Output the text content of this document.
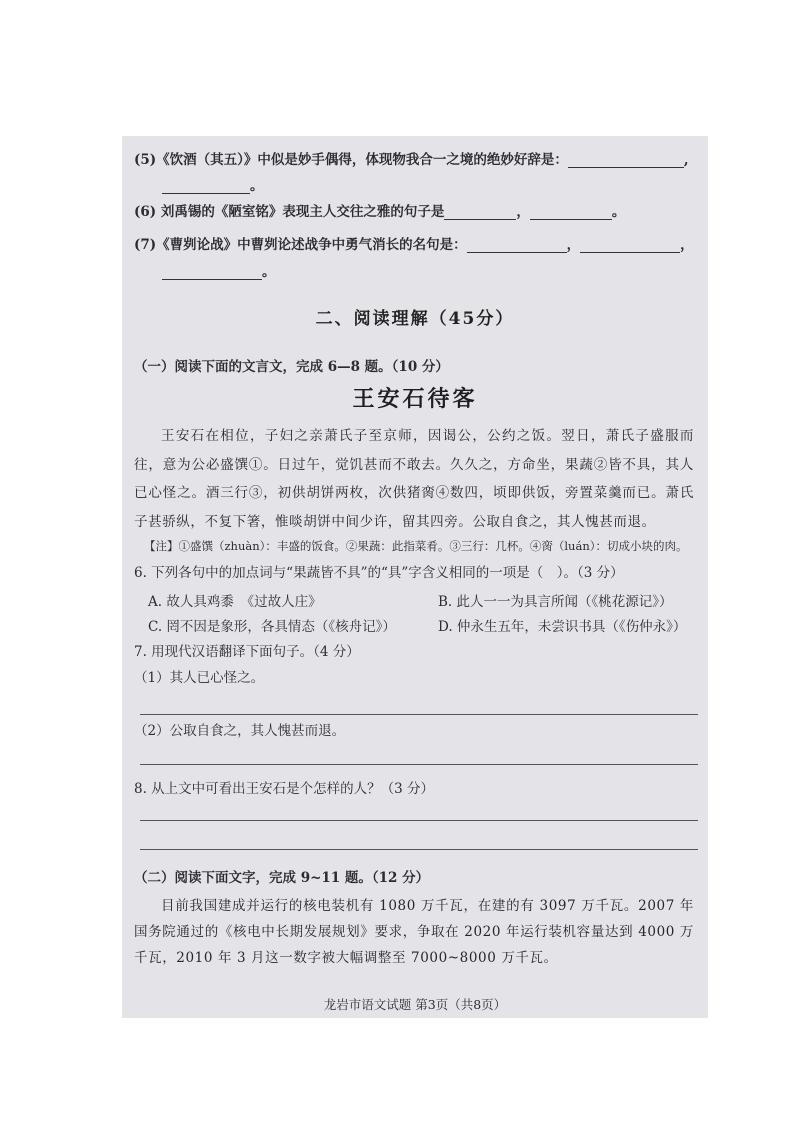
(5)《饮酒（其五）》中似是妙手偶得，体现物我合一之境的绝妙好辞是：	,
。
(6) 刘禹锡的《陋室铭》表现主人交往之雅的句子是	，	。
(7)《曹刿论战》中曹刿论述战争中勇气消长的名句是：	，	，
。
二、阅读理解（45分）
（一）阅读下面的文言文，完成 6—8 题。（10 分）
王安石待客
王安石在相位，子妇之亲萧氏子至京师，因谒公，公约之饭。翌日，萧氏子盛服而往，意为公必盛馔①。日过午，觉饥甚而不敢去。久久之，方命坐，果蔬②皆不具，其人已心怪之。酒三行③，初供胡饼两枚，次供猪脔④数四，顷即供饭，旁置菜羹而已。萧氏子甚骄纵，不复下箸，惟啖胡饼中间少许，留其四旁。公取自食之，其人愧甚而退。
【注】①盛馔（zhuàn）：丰盛的饭食。②果蔬：此指菜肴。③三行：几杯。④脔（luán）：切成小块的肉。
6. 下列各句中的加点词与“果蔬皆不具”的“具”字含义相同的一项是（　）。（3 分）
A. 故人具鸡黍　《过故人庄》	B. 此人一一为具言所闻（《桃花源记》）
C. 罔不因是象形，各具情态（《核舟记》）	D. 仲永生五年，未尝识书具（《伤仲永》）
7. 用现代汉语翻译下面句子。（4 分）
（1）其人已心怪之。
（2）公取自食之，其人愧甚而退。
8. 从上文中可看出王安石是个怎样的人？（3 分）
（二）阅读下面文字，完成 9~11 题。（12 分）
目前我国建成并运行的核电装机有 1080 万千瓦，在建的有 3097 万千瓦。2007 年国务院通过的《核电中长期发展规划》要求，争取在 2020 年运行装机容量达到 4000 万千瓦，2010 年 3 月这一数字被大幅调整至 7000~8000 万千瓦。
龙岩市语文试题 第3页（共8页）
